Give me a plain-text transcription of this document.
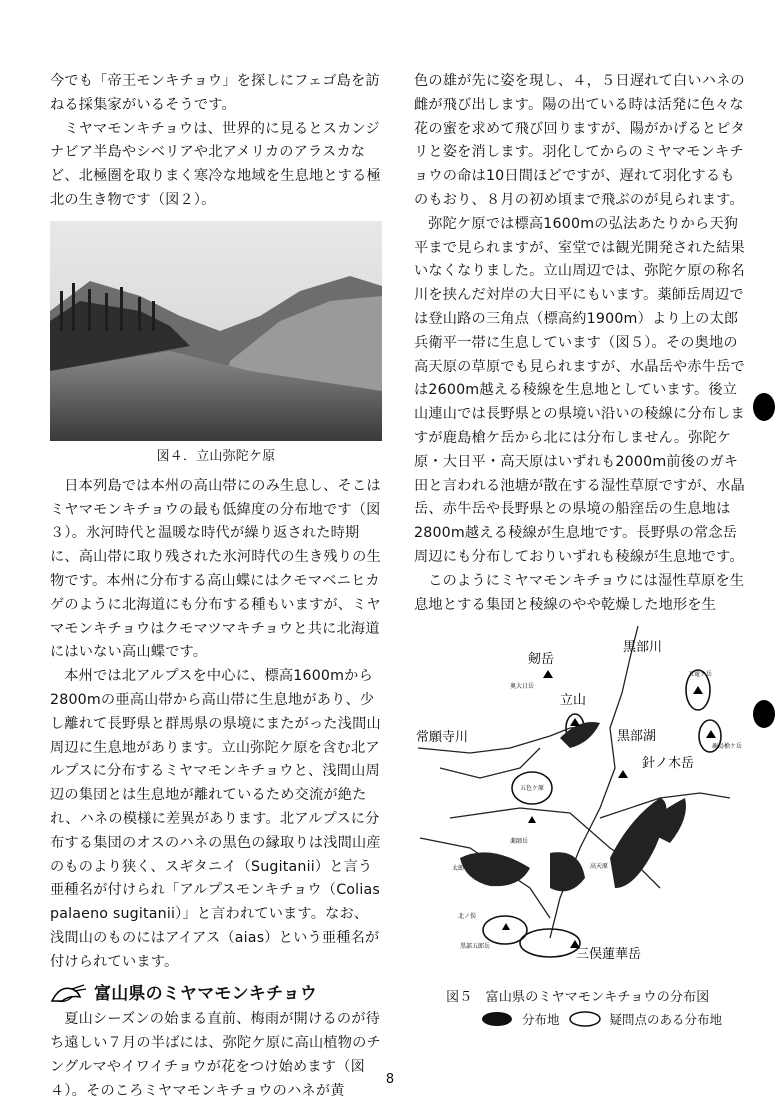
今でも「帝王モンキチョウ」を探しにフェゴ島を訪ねる採集家がいるそうです。

ミヤマモンキチョウは、世界的に見るとスカンジナビア半島やシベリアや北アメリカのアラスカなど、北極圏を取りまく寒冷な地域を生息地とする極北の生き物です（図２）。

図４．立山弥陀ケ原

日本列島では本州の高山帯にのみ生息し、そこはミヤマモンキチョウの最も低緯度の分布地です（図３）。氷河時代と温暖な時代が繰り返された時期に、高山帯に取り残された氷河時代の生き残りの生物です。本州に分布する高山蝶にはクモマベニヒカゲのように北海道にも分布する種もいますが、ミヤマモンキチョウはクモマツマキチョウと共に北海道にはいない高山蝶です。

本州では北アルプスを中心に、標高1600mから2800mの亜高山帯から高山帯に生息地があり、少し離れて長野県と群馬県の県境にまたがった浅間山周辺に生息地があります。立山弥陀ケ原を含む北アルプスに分布するミヤマモンキチョウと、浅間山周辺の集団とは生息地が離れているため交流が絶たれ、ハネの模様に差異があります。北アルプスに分布する集団のオスのハネの黒色の縁取りは浅間山産のものより狭く、スギタニイ（Sugitanii）と言う亜種名が付けられ「アルプスモンキチョウ（Colias palaeno sugitanii）」と言われています。なお、浅間山のものにはアイアス（aias）という亜種名が付けられています。

富山県のミヤマモンキチョウ

夏山シーズンの始まる直前、梅雨が開けるのが待ち遠しい７月の半ばには、弥陀ケ原に高山植物のチングルマやイワイチョウが花をつけ始めます（図４）。そのころミヤマモンキチョウのハネが黄

色の雄が先に姿を現し、４，５日遅れて白いハネの雌が飛び出します。陽の出ている時は活発に色々な花の蜜を求めて飛び回りますが、陽がかげるとピタリと姿を消します。羽化してからのミヤマモンキチョウの命は10日間ほどですが、遅れて羽化するものもおり、８月の初め頃まで飛ぶのが見られます。

弥陀ケ原では標高1600mの弘法あたりから天狗平まで見られますが、室堂では観光開発された結果いなくなりました。立山周辺では、弥陀ケ原の称名川を挟んだ対岸の大日平にもいます。薬師岳周辺では登山路の三角点（標高約1900m）より上の太郎兵衛平一帯に生息しています（図５）。その奥地の高天原の草原でも見られますが、水晶岳や赤牛岳では2600m越える稜線を生息地としています。後立山連山では長野県との県境い沿いの稜線に分布しますが鹿島槍ケ岳から北には分布しません。弥陀ケ原・大日平・高天原はいずれも2000m前後のガキ田と言われる池塘が散在する湿性草原ですが、水晶岳、赤牛岳や長野県との県境の船窪岳の生息地は2800m越える稜線が生息地です。長野県の常念岳周辺にも分布しておりいずれも稜線が生息地です。

このようにミヤマモンキチョウには湿性草原を生息地とする集団と稜線のやや乾燥した地形を生

剱岳
黒部川
立山
常願寺川	黒部湖
針ノ木岳
三俣蓮華岳
奥大日岳
五竜ケ岳
鹿島槍ケ岳
五色ケ原
高天原
薬師岳
北ノ俣
黒部五郎岳
太郎
図５　富山県のミヤマモンキチョウの分布図
分布地	疑問点のある分布地
8
